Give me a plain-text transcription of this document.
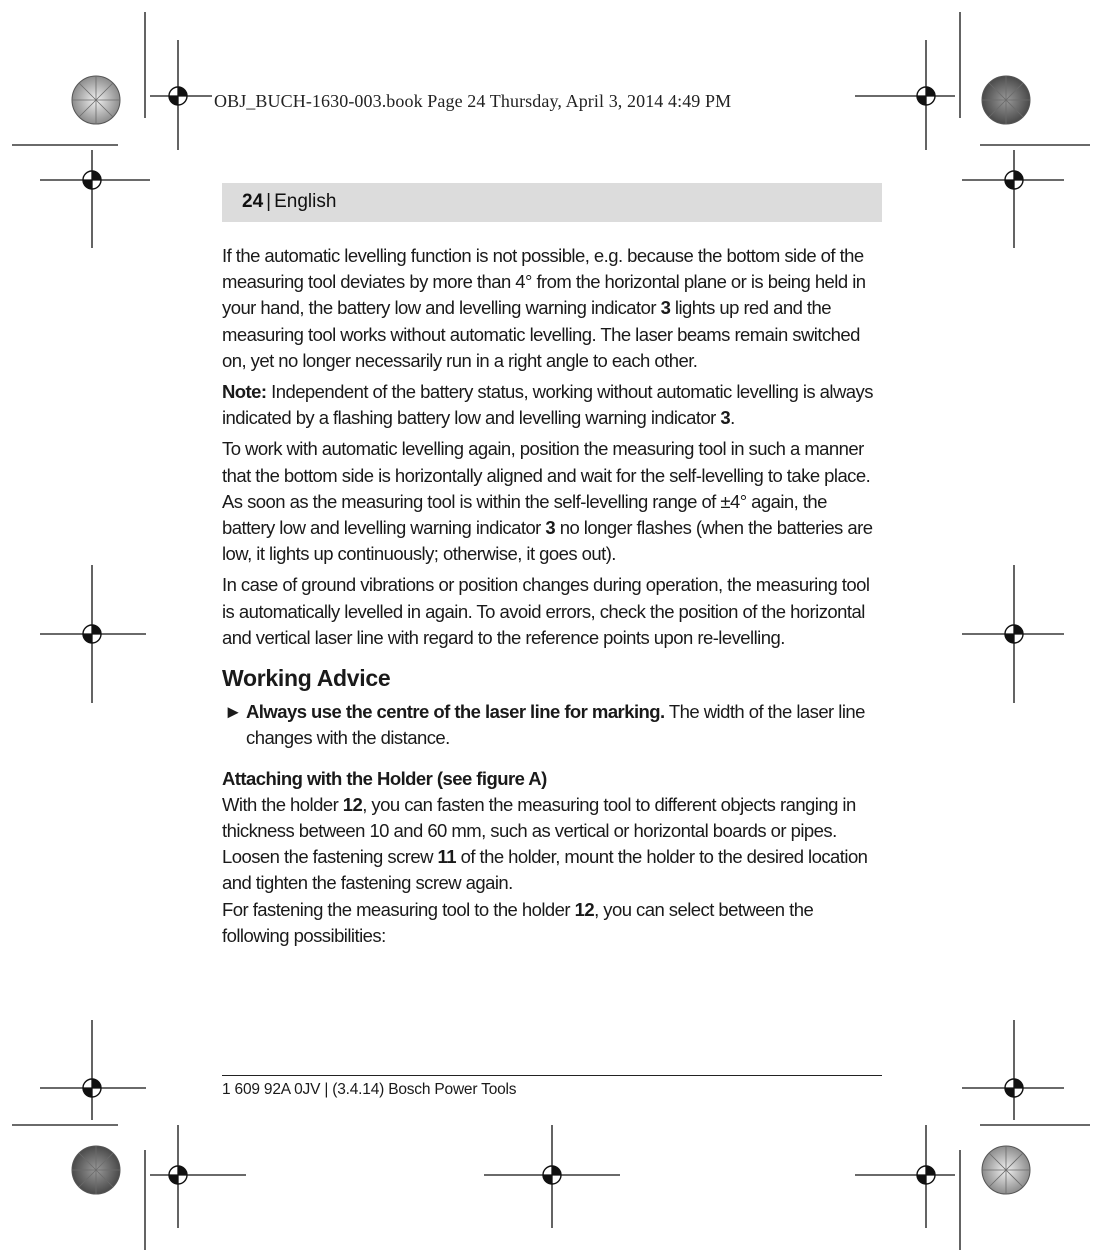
OBJ_BUCH-1630-003.book Page 24 Thursday, April 3, 2014 4:49 PM

24 | English

If the automatic levelling function is not possible, e.g. because the bottom side of the measuring tool deviates by more than 4° from the horizontal plane or is being held in your hand, the battery low and levelling warning indicator 3 lights up red and the measuring tool works without automatic levelling. The laser beams remain switched on, yet no longer necessarily run in a right angle to each other.

Note: Independent of the battery status, working without automatic levelling is always indicated by a flashing battery low and levelling warning indicator 3.

To work with automatic levelling again, position the measuring tool in such a manner that the bottom side is horizontally aligned and wait for the self-levelling to take place. As soon as the measuring tool is within the self-levelling range of ±4° again, the battery low and levelling warning indicator 3 no longer flashes (when the batteries are low, it lights up continuously; otherwise, it goes out).

In case of ground vibrations or position changes during operation, the measuring tool is automatically levelled in again. To avoid errors, check the position of the horizontal and vertical laser line with regard to the reference points upon re-levelling.

Working Advice
► Always use the centre of the laser line for marking. The width of the laser line changes with the distance.
Attaching with the Holder (see figure A)

With the holder 12, you can fasten the measuring tool to different objects ranging in thickness between 10 and 60 mm, such as vertical or horizontal boards or pipes.

Loosen the fastening screw 11 of the holder, mount the holder to the desired location and tighten the fastening screw again.

For fastening the measuring tool to the holder 12, you can select between the following possibilities:

1 609 92A 0JV | (3.4.14) Bosch Power Tools
